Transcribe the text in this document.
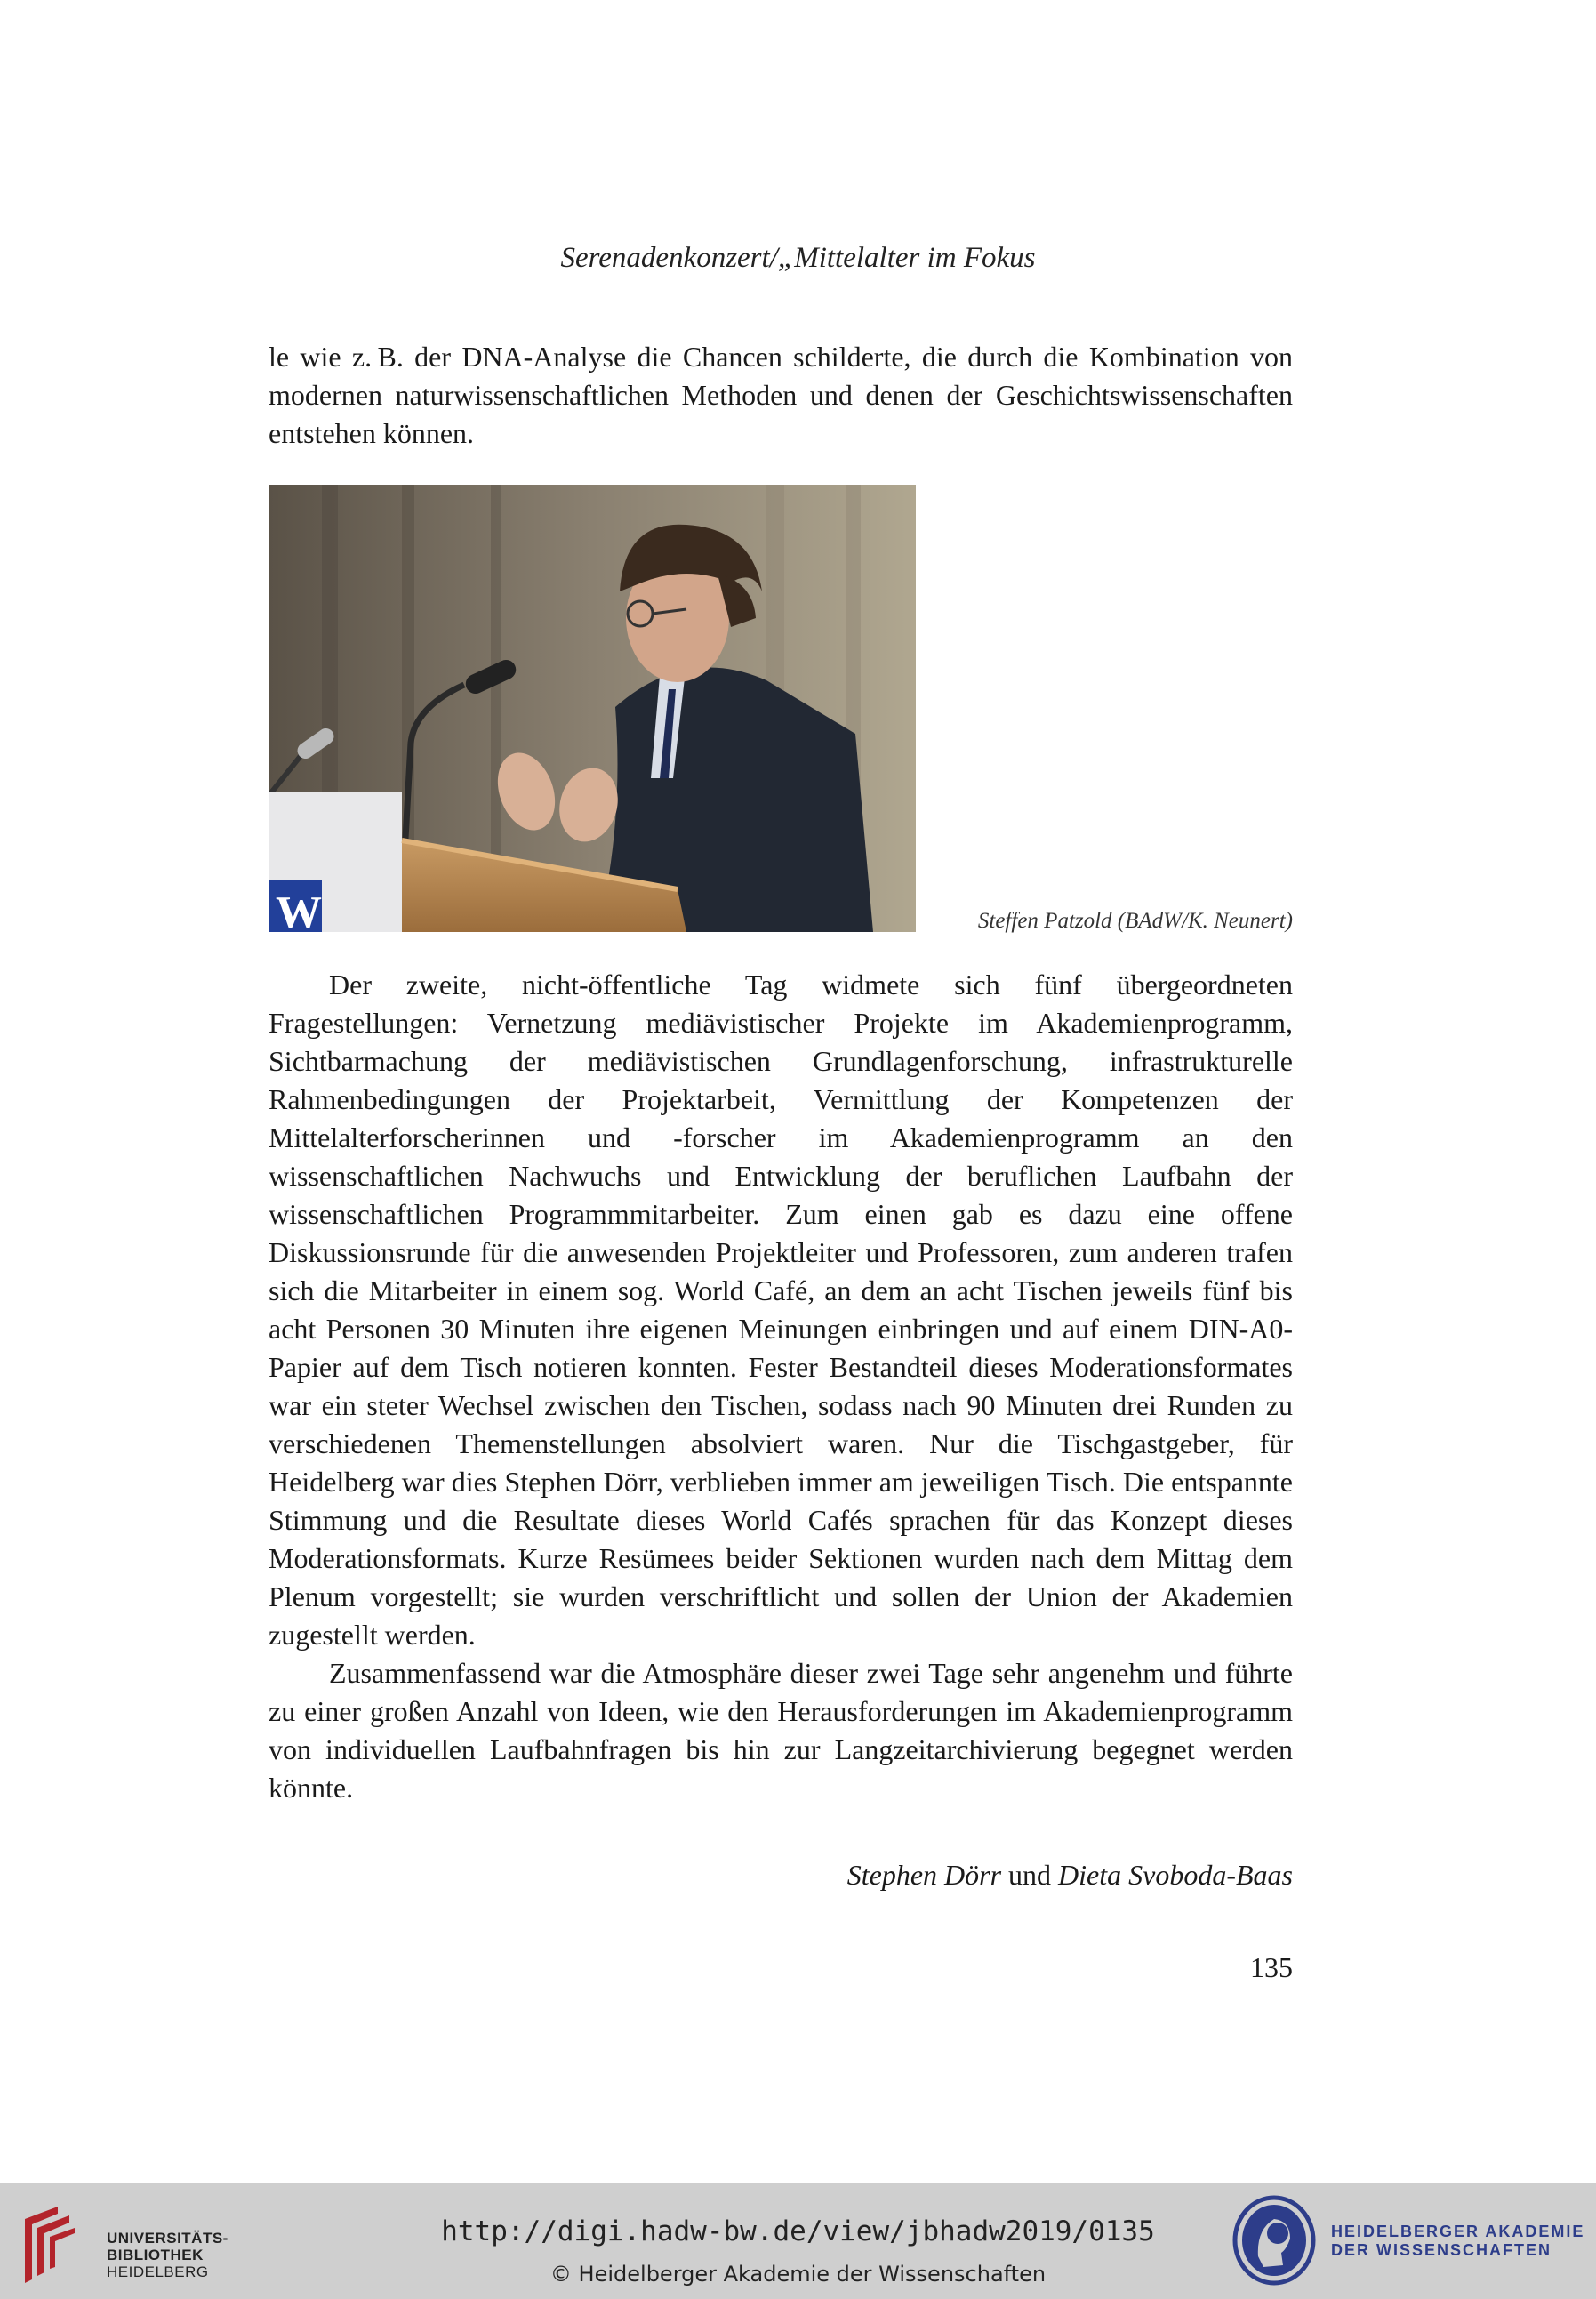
Serenadenkonzert/„Mittelalter im Fokus

le wie z. B. der DNA-Analyse die Chancen schilderte, die durch die Kombination von modernen naturwissenschaftlichen Methoden und denen der Geschichtswissenschaften entstehen können.

W	Steffen Patzold (BAdW/K. Neunert)

Der zweite, nicht-öffentliche Tag widmete sich fünf übergeordneten Fragestellungen: Vernetzung mediävistischer Projekte im Akademienprogramm, Sichtbarmachung der mediävistischen Grundlagenforschung, infrastrukturelle Rahmenbedingungen der Projektarbeit, Vermittlung der Kompetenzen der Mittelalterforscherinnen und -forscher im Akademienprogramm an den wissenschaftlichen Nachwuchs und Entwicklung der beruflichen Laufbahn der wissenschaftlichen Programmmitarbeiter. Zum einen gab es dazu eine offene Diskussionsrunde für die anwesenden Projektleiter und Professoren, zum anderen trafen sich die Mitarbeiter in einem sog. World Café, an dem an acht Tischen jeweils fünf bis acht Personen 30 Minuten ihre eigenen Meinungen einbringen und auf einem DIN-A0-Papier auf dem Tisch notieren konnten. Fester Bestandteil dieses Moderationsformates war ein steter Wechsel zwischen den Tischen, sodass nach 90 Minuten drei Runden zu verschiedenen Themenstellungen absolviert waren. Nur die Tischgastgeber, für Heidelberg war dies Stephen Dörr, verblieben immer am jeweiligen Tisch. Die entspannte Stimmung und die Resultate dieses World Cafés sprachen für das Konzept dieses Moderationsformats. Kurze Resümees beider Sektionen wurden nach dem Mittag dem Plenum vorgestellt; sie wurden verschriftlicht und sollen der Union der Akademien zugestellt werden.

Zusammenfassend war die Atmosphäre dieser zwei Tage sehr angenehm und führte zu einer großen Anzahl von Ideen, wie den Herausforderungen im Akademienprogramm von individuellen Laufbahnfragen bis hin zur Langzeitarchivierung begegnet werden könnte.

Stephen Dörr und Dieta Svoboda-Baas
135
UNIVERSITÄTS-
BIBLIOTHEK
HEIDELBERG
http://digi.hadw-bw.de/view/jbhadw2019/0135
© Heidelberger Akademie der Wissenschaften
HEIDELBERGER AKADEMIE
DER WISSENSCHAFTEN
